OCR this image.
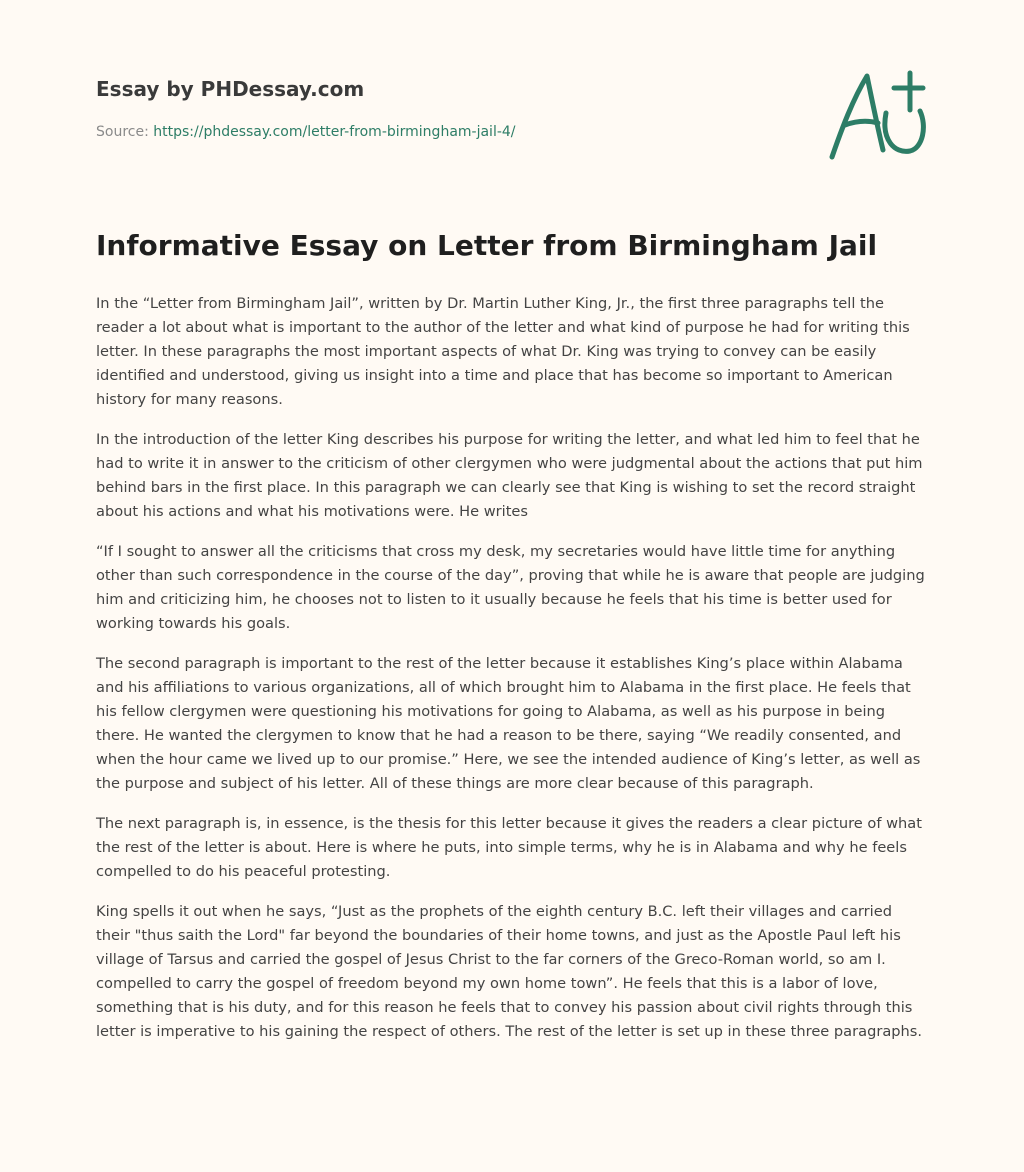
Essay by PHDessay.com
Source: https://phdessay.com/letter-from-birmingham-jail-4/
Informative Essay on Letter from Birmingham Jail

In the “Letter from Birmingham Jail”, written by Dr. Martin Luther King, Jr., the first three paragraphs tell the reader a lot about what is important to the author of the letter and what kind of purpose he had for writing this letter. In these paragraphs the most important aspects of what Dr. King was trying to convey can be easily identified and understood, giving us insight into a time and place that has become so important to American history for many reasons.

In the introduction of the letter King describes his purpose for writing the letter, and what led him to feel that he had to write it in answer to the criticism of other clergymen who were judgmental about the actions that put him behind bars in the first place. In this paragraph we can clearly see that King is wishing to set the record straight about his actions and what his motivations were. He writes

“If I sought to answer all the criticisms that cross my desk, my secretaries would have little time for anything other than such correspondence in the course of the day”, proving that while he is aware that people are judging him and criticizing him, he chooses not to listen to it usually because he feels that his time is better used for working towards his goals.

The second paragraph is important to the rest of the letter because it establishes King’s place within Alabama and his affiliations to various organizations, all of which brought him to Alabama in the first place. He feels that his fellow clergymen were questioning his motivations for going to Alabama, as well as his purpose in being there. He wanted the clergymen to know that he had a reason to be there, saying “We readily consented, and when the hour came we lived up to our promise.” Here, we see the intended audience of King’s letter, as well as the purpose and subject of his letter. All of these things are more clear because of this paragraph.

The next paragraph is, in essence, is the thesis for this letter because it gives the readers a clear picture of what the rest of the letter is about. Here is where he puts, into simple terms, why he is in Alabama and why he feels compelled to do his peaceful protesting.

King spells it out when he says, “Just as the prophets of the eighth century B.C. left their villages and carried their "thus saith the Lord" far beyond the boundaries of their home towns, and just as the Apostle Paul left his village of Tarsus and carried the gospel of Jesus Christ to the far corners of the Greco-Roman world, so am I. compelled to carry the gospel of freedom beyond my own home town”. He feels that this is a labor of love, something that is his duty, and for this reason he feels that to convey his passion about civil rights through this letter is imperative to his gaining the respect of others. The rest of the letter is set up in these three paragraphs.
